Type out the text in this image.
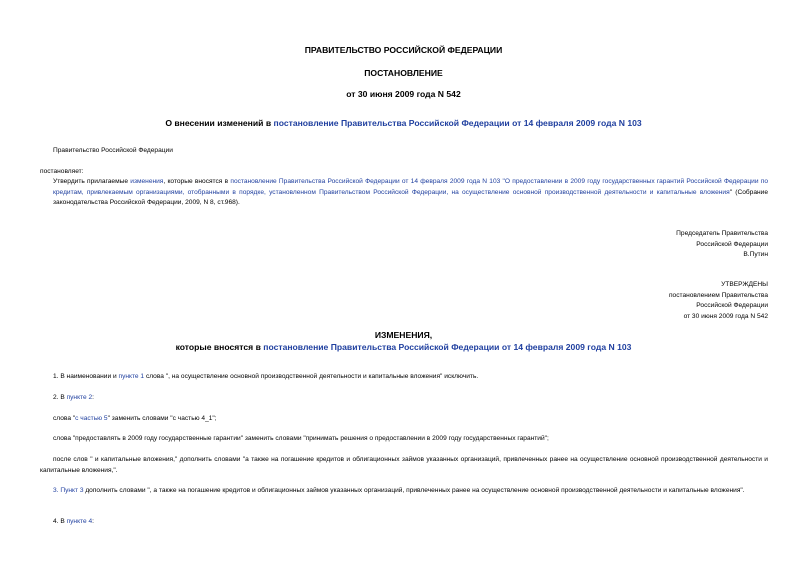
ПРАВИТЕЛЬСТВО РОССИЙСКОЙ ФЕДЕРАЦИИ
ПОСТАНОВЛЕНИЕ
от 30 июня 2009 года N 542
О внесении изменений в постановление Правительства Российской Федерации от 14 февраля 2009 года N 103
Правительство Российской Федерации
постановляет:
Утвердить прилагаемые изменения, которые вносятся в постановление Правительства Российской Федерации от 14 февраля 2009 года N 103 "О предоставлении в 2009 году государственных гарантий Российской Федерации по кредитам, привлекаемым организациями, отобранными в порядке, установленном Правительством Российской Федерации, на осуществление основной производственной деятельности и капитальные вложения" (Собрание законодательства Российской Федерации, 2009, N 8, ст.968).
Председатель Правительства
Российской Федерации
В.Путин
УТВЕРЖДЕНЫ
постановлением Правительства
Российской Федерации
от 30 июня 2009 года N 542
ИЗМЕНЕНИЯ,
которые вносятся в постановление Правительства Российской Федерации от 14 февраля 2009 года N 103
1. В наименовании и пункте 1 слова ", на осуществление основной производственной деятельности и капитальные вложения" исключить.
2. В пункте 2:
слова "с частью 5" заменить словами "с частью 4_1";
слова "предоставлять в 2009 году государственные гарантии" заменить словами "принимать решения о предоставлении в 2009 году государственных гарантий";
после слов " и капитальные вложения," дополнить словами "а также на погашение кредитов и облигационных займов указанных организаций, привлеченных ранее на осуществление основной производственной деятельности и капитальные вложения,".
3. Пункт 3 дополнить словами ", а также на погашение кредитов и облигационных займов указанных организаций, привлеченных ранее на осуществление основной производственной деятельности и капитальные вложения".
4. В пункте 4:
